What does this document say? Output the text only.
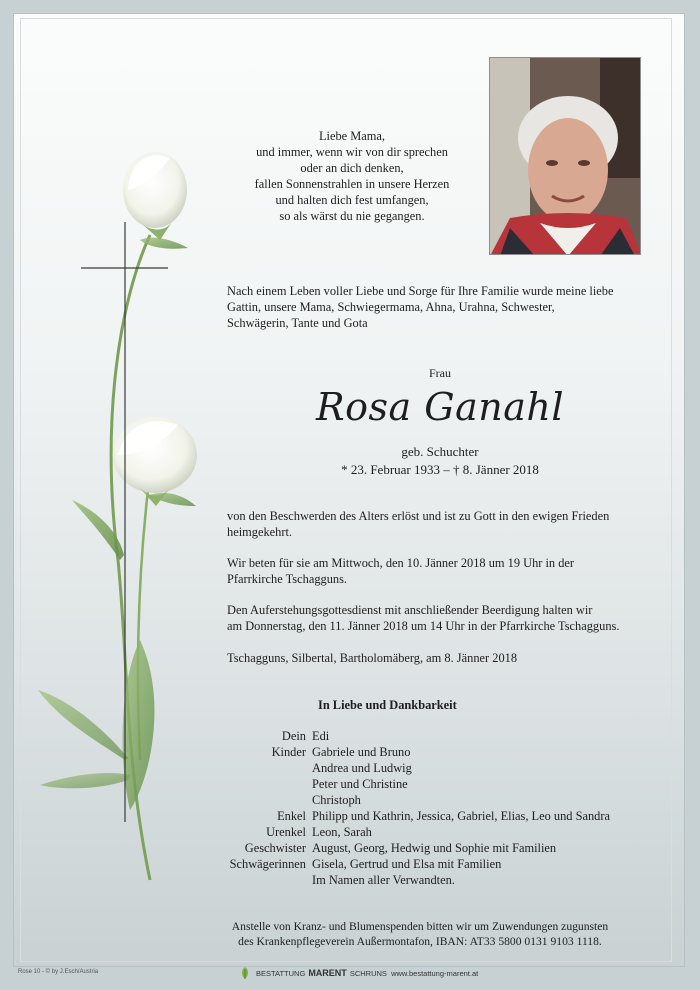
Liebe Mama,
und immer, wenn wir von dir sprechen
oder an dich denken,
fallen Sonnenstrahlen in unsere Herzen
und halten dich fest umfangen,
so als wärst du nie gegangen.
Nach einem Leben voller Liebe und Sorge für Ihre Familie wurde meine liebe
Gattin, unsere Mama, Schwiegermama, Ahna, Urahna, Schwester,
Schwägerin, Tante und Gota
Frau
Rosa Ganahl
geb. Schuchter
* 23. Februar 1933 – † 8. Jänner 2018
von den Beschwerden des Alters erlöst und ist zu Gott in den ewigen Frieden
heimgekehrt.
Wir beten für sie am Mittwoch, den 10. Jänner 2018 um 19 Uhr in der
Pfarrkirche Tschagguns.
Den Auferstehungsgottesdienst mit anschließender Beerdigung halten wir
am Donnerstag, den 11. Jänner 2018 um 14 Uhr in der Pfarrkirche Tschagguns.
Tschagguns, Silbertal, Bartholomäberg, am 8. Jänner 2018
In Liebe und Dankbarkeit
Dein Edi
Kinder Gabriele und Bruno
Andrea und Ludwig
Peter und Christine
Christoph
Enkel Philipp und Kathrin, Jessica, Gabriel, Elias, Leo und Sandra
Urenkel Leon, Sarah
Geschwister August, Georg, Hedwig und Sophie mit Familien
Schwägerinnen Gisela, Gertrud und Elsa mit Familien
Im Namen aller Verwandten.
Anstelle von Kranz- und Blumenspenden bitten wir um Zuwendungen zugunsten
des Krankenpflegeverein Außermontafon, IBAN: AT33 5800 0131 9103 1118.
Rose 10 - © by J.Esch/Austria	BESTATTUNG MARENT SCHRUNS
www.bestattung-marent.at
